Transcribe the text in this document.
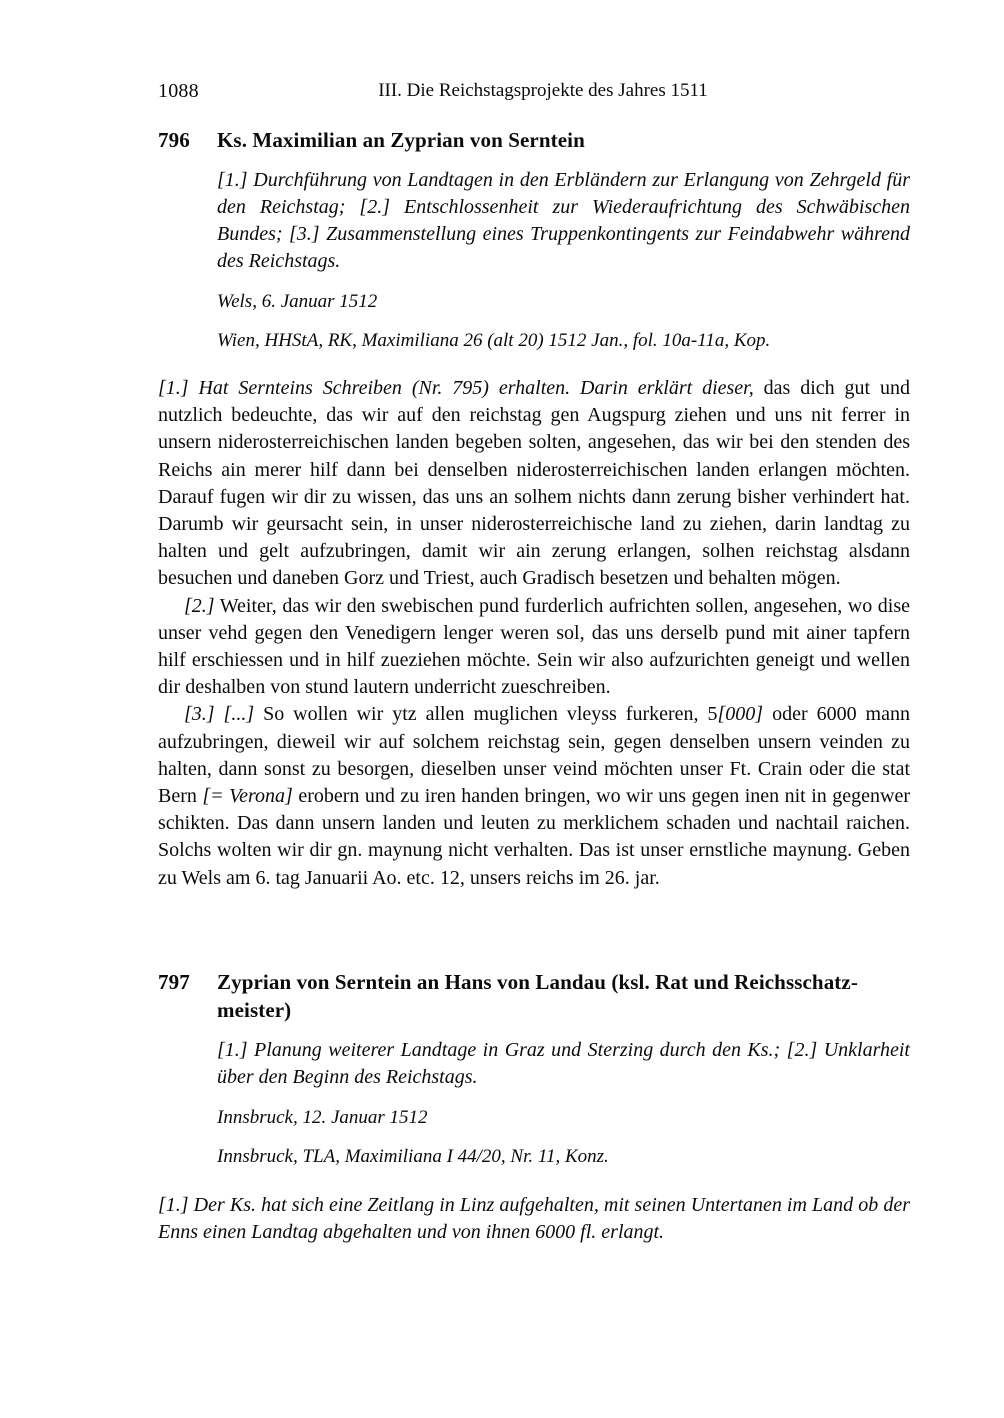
1088	III. Die Reichstagsprojekte des Jahres 1511
796 Ks. Maximilian an Zyprian von Serntein
[1.] Durchführung von Landtagen in den Erbländern zur Erlangung von Zehrgeld für den Reichstag; [2.] Entschlossenheit zur Wiederaufrichtung des Schwäbischen Bundes; [3.] Zusammenstellung eines Truppenkontingents zur Feindabwehr während des Reichstags.
Wels, 6. Januar 1512
Wien, HHStA, RK, Maximiliana 26 (alt 20) 1512 Jan., fol. 10a-11a, Kop.

[1.] Hat Sernteins Schreiben (Nr. 795) erhalten. Darin erklärt dieser, das dich gut und nutzlich bedeuchte, das wir auf den reichstag gen Augspurg ziehen und uns nit ferrer in unsern niderosterreichischen landen begeben solten, angesehen, das wir bei den stenden des Reichs ain merer hilf dann bei denselben niderosterreichischen landen erlangen möchten. Darauf fugen wir dir zu wissen, das uns an solhem nichts dann zerung bisher verhindert hat. Darumb wir geursacht sein, in unser niderosterreichische land zu ziehen, darin landtag zu halten und gelt aufzubringen, damit wir ain zerung erlangen, solhen reichstag alsdann besuchen und daneben Gorz und Triest, auch Gradisch besetzen und behalten mögen.

[2.] Weiter, das wir den swebischen pund furderlich aufrichten sollen, angesehen, wo dise unser vehd gegen den Venedigern lenger weren sol, das uns derselb pund mit ainer tapfern hilf erschiessen und in hilf zueziehen möchte. Sein wir also aufzurichten geneigt und wellen dir deshalben von stund lautern underricht zueschreiben.

[3.] [...] So wollen wir ytz allen muglichen vleyss furkeren, 5[000] oder 6000 mann aufzubringen, dieweil wir auf solchem reichstag sein, gegen denselben unsern veinden zu halten, dann sonst zu besorgen, dieselben unser veind möchten unser Ft. Crain oder die stat Bern [= Verona] erobern und zu iren handen bringen, wo wir uns gegen inen nit in gegenwer schikten. Das dann unsern landen und leuten zu merklichem schaden und nachtail raichen. Solchs wolten wir dir gn. maynung nicht verhalten. Das ist unser ernstliche maynung. Geben zu Wels am 6. tag Januarii Ao. etc. 12, unsers reichs im 26. jar.

797 Zyprian von Serntein an Hans von Landau (ksl. Rat und Reichsschatzmeister)
[1.] Planung weiterer Landtage in Graz und Sterzing durch den Ks.; [2.] Unklarheit über den Beginn des Reichstags.
Innsbruck, 12. Januar 1512
Innsbruck, TLA, Maximiliana I 44/20, Nr. 11, Konz.

[1.] Der Ks. hat sich eine Zeitlang in Linz aufgehalten, mit seinen Untertanen im Land ob der Enns einen Landtag abgehalten und von ihnen 6000 fl. erlangt.
